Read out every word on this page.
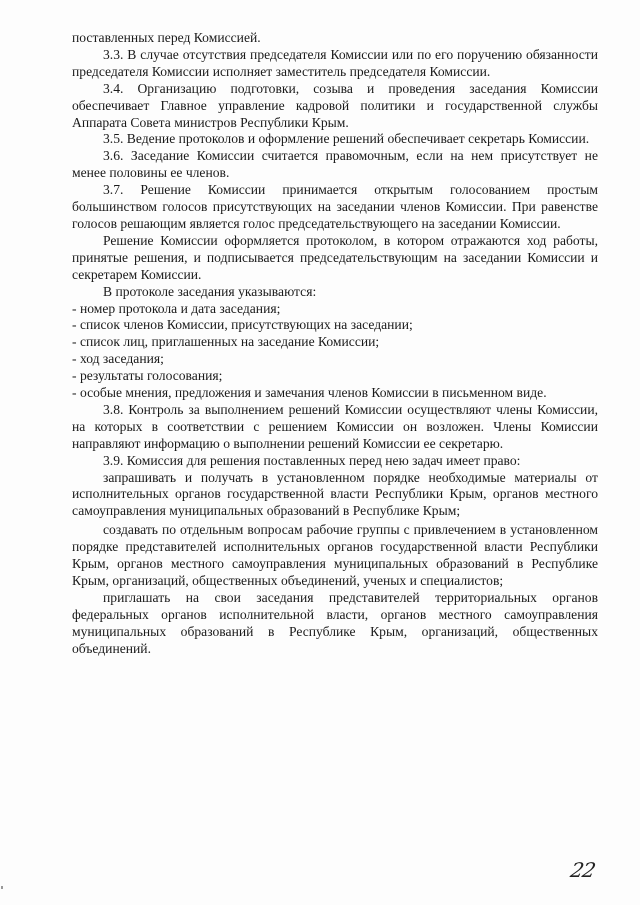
поставленных перед Комиссией.

3.3. В случае отсутствия председателя Комиссии или по его поручению обязанности председателя Комиссии исполняет заместитель председателя Комиссии.

3.4. Организацию подготовки, созыва и проведения заседания Комиссии обеспечивает Главное управление кадровой политики и государственной службы Аппарата Совета министров Республики Крым.

3.5. Ведение протоколов и оформление решений обеспечивает секретарь Комиссии.

3.6. Заседание Комиссии считается правомочным, если на нем присутствует не менее половины ее членов.

3.7. Решение Комиссии принимается открытым голосованием простым большинством голосов присутствующих на заседании членов Комиссии. При равенстве голосов решающим является голос председательствующего на заседании Комиссии.

Решение Комиссии оформляется протоколом, в котором отражаются ход работы, принятые решения, и подписывается председательствующим на заседании Комиссии и секретарем Комиссии.

В протоколе заседания указываются:

- номер протокола и дата заседания;
- список членов Комиссии, присутствующих на заседании;
- список лиц, приглашенных на заседание Комиссии;
- ход заседания;
- результаты голосования;
- особые мнения, предложения и замечания членов Комиссии в письменном виде.

3.8. Контроль за выполнением решений Комиссии осуществляют члены Комиссии, на которых в соответствии с решением Комиссии он возложен. Члены Комиссии направляют информацию о выполнении решений Комиссии ее секретарю.

3.9. Комиссия для решения поставленных перед нею задач имеет право:

запрашивать и получать в установленном порядке необходимые материалы от исполнительных органов государственной власти Республики Крым, органов местного самоуправления муниципальных образований в Республике Крым;

создавать по отдельным вопросам рабочие группы с привлечением в установленном порядке представителей исполнительных органов государственной власти Республики Крым, органов местного самоуправления муниципальных образований в Республике Крым, организаций, общественных объединений, ученых и специалистов;

приглашать на свои заседания представителей территориальных органов федеральных органов исполнительной власти, органов местного самоуправления муниципальных образований в Республике Крым, организаций, общественных объединений.

22
